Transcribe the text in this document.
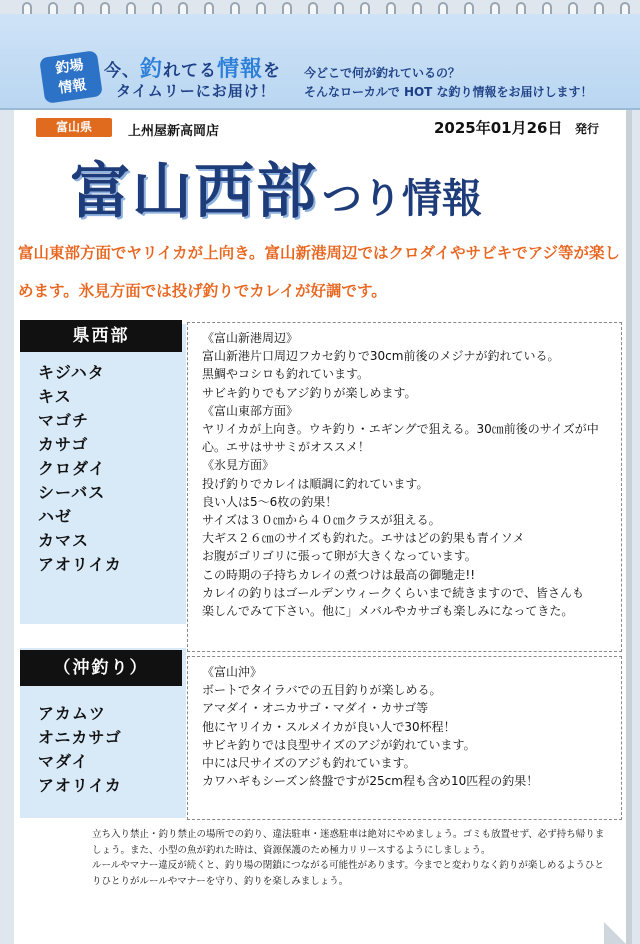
釣場
情報
今、釣れてる情報を
タイムリーにお届け！
今どこで何が釣れているの？
そんなローカルで HOT な釣り情報をお届けします！
富山県	上州屋新高岡店	2025年01月26日 発行
富山西部 つり情報
富山東部方面でヤリイカが上向き。富山新港周辺ではクロダイやサビキでアジ等が楽しめます。氷見方面では投げ釣りでカレイが好調です。
県西部
キジハタ
キス
マゴチ
カサゴ
クロダイ
シーバス
ハゼ
カマス
アオリイカ

《富山新港周辺》

富山新港片口周辺フカセ釣りで30cm前後のメジナが釣れている。

黒鯛やコシロも釣れています。

サビキ釣りでもアジ釣りが楽しめます。

《富山東部方面》

ヤリイカが上向き。ウキ釣り・エギングで狙える。30㎝前後のサイズが中

心。エサはササミがオススメ！

《氷見方面》

投げ釣りでカレイは順調に釣れています。

良い人は5～6枚の釣果！

サイズは３０㎝から４０㎝クラスが狙える。

大ギス２６㎝のサイズも釣れた。エサはどの釣果も青イソメ

お腹がゴリゴリに張って卵が大きくなっています。

この時期の子持ちカレイの煮つけは最高の御馳走!!

カレイの釣りはゴールデンウィークくらいまで続きますので、皆さんも

楽しんでみて下さい。他に」メバルやカサゴも楽しみになってきた。

（沖釣り）
アカムツ
オニカサゴ
マダイ
アオリイカ

《富山沖》

ボートでタイラバでの五目釣りが楽しめる。

アマダイ・オニカサゴ・マダイ・カサゴ等

他にヤリイカ・スルメイカが良い人で30杯程！

サビキ釣りでは良型サイズのアジが釣れています。

中には尺サイズのアジも釣れています。

カワハギもシーズン終盤ですが25cm程も含め10匹程の釣果！

立ち入り禁止・釣り禁止の場所での釣り、違法駐車・迷惑駐車は絶対にやめましょう。ゴミも放置せず、必ず持ち帰りま

しょう。また、小型の魚が釣れた時は、資源保護のため極力リリースするようにしましょう。

ルールやマナー違反が続くと、釣り場の閉鎖につながる可能性があります。今までと変わりなく釣りが楽しめるようひと

りひとりがルールやマナーを守り、釣りを楽しみましょう。
